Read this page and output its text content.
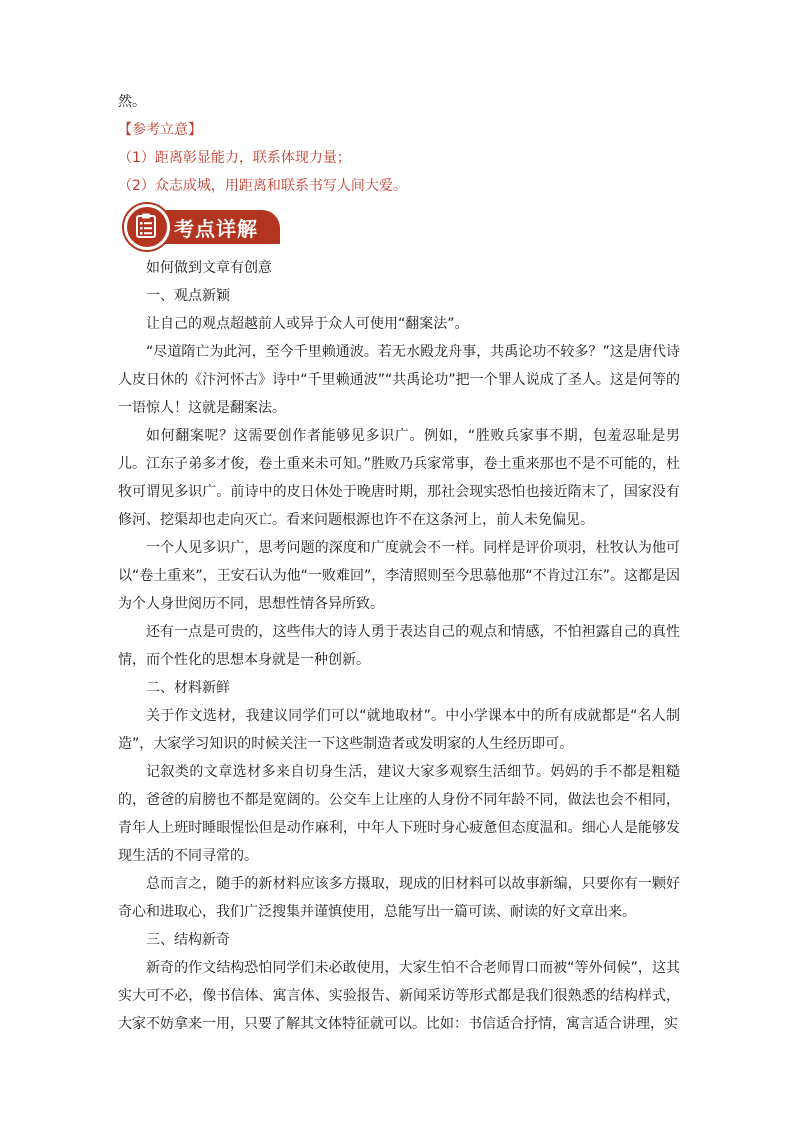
然。
【参考立意】
（1）距离彰显能力，联系体现力量；
（2）众志成城，用距离和联系书写人间大爱。
考点详解
如何做到文章有创意
一、观点新颖
让自己的观点超越前人或异于众人可使用“翻案法”。
“尽道隋亡为此河，至今千里赖通波。若无水殿龙舟事，共禹论功不较多？”这是唐代诗人皮日休的《汴河怀古》诗中“千里赖通波”“共禹论功”把一个罪人说成了圣人。这是何等的一语惊人！这就是翻案法。
如何翻案呢？这需要创作者能够见多识广。例如，“胜败兵家事不期，包羞忍耻是男儿。江东子弟多才俊，卷土重来未可知。”胜败乃兵家常事，卷土重来那也不是不可能的，杜牧可谓见多识广。前诗中的皮日休处于晚唐时期，那社会现实恐怕也接近隋末了，国家没有修河、挖渠却也走向灭亡。看来问题根源也许不在这条河上，前人未免偏见。
一个人见多识广，思考问题的深度和广度就会不一样。同样是评价项羽，杜牧认为他可以“卷土重来”，王安石认为他“一败难回”，李清照则至今思慕他那“不肯过江东”。这都是因为个人身世阅历不同，思想性情各异所致。
还有一点是可贵的，这些伟大的诗人勇于表达自己的观点和情感，不怕袒露自己的真性情，而个性化的思想本身就是一种创新。
二、材料新鲜
关于作文选材，我建议同学们可以“就地取材”。中小学课本中的所有成就都是“名人制造”，大家学习知识的时候关注一下这些制造者或发明家的人生经历即可。
记叙类的文章选材多来自切身生活，建议大家多观察生活细节。妈妈的手不都是粗糙的，爸爸的肩膀也不都是宽阔的。公交车上让座的人身份不同年龄不同，做法也会不相同，青年人上班时睡眼惺忪但是动作麻利，中年人下班时身心疲惫但态度温和。细心人是能够发现生活的不同寻常的。
总而言之，随手的新材料应该多方摄取，现成的旧材料可以故事新编，只要你有一颗好奇心和进取心，我们广泛搜集并谨慎使用，总能写出一篇可读、耐读的好文章出来。
三、结构新奇
新奇的作文结构恐怕同学们未必敢使用，大家生怕不合老师胃口而被“等外伺候”，这其实大可不必，像书信体、寓言体、实验报告、新闻采访等形式都是我们很熟悉的结构样式，大家不妨拿来一用，只要了解其文体特征就可以。比如：书信适合抒情，寓言适合讲理，实
